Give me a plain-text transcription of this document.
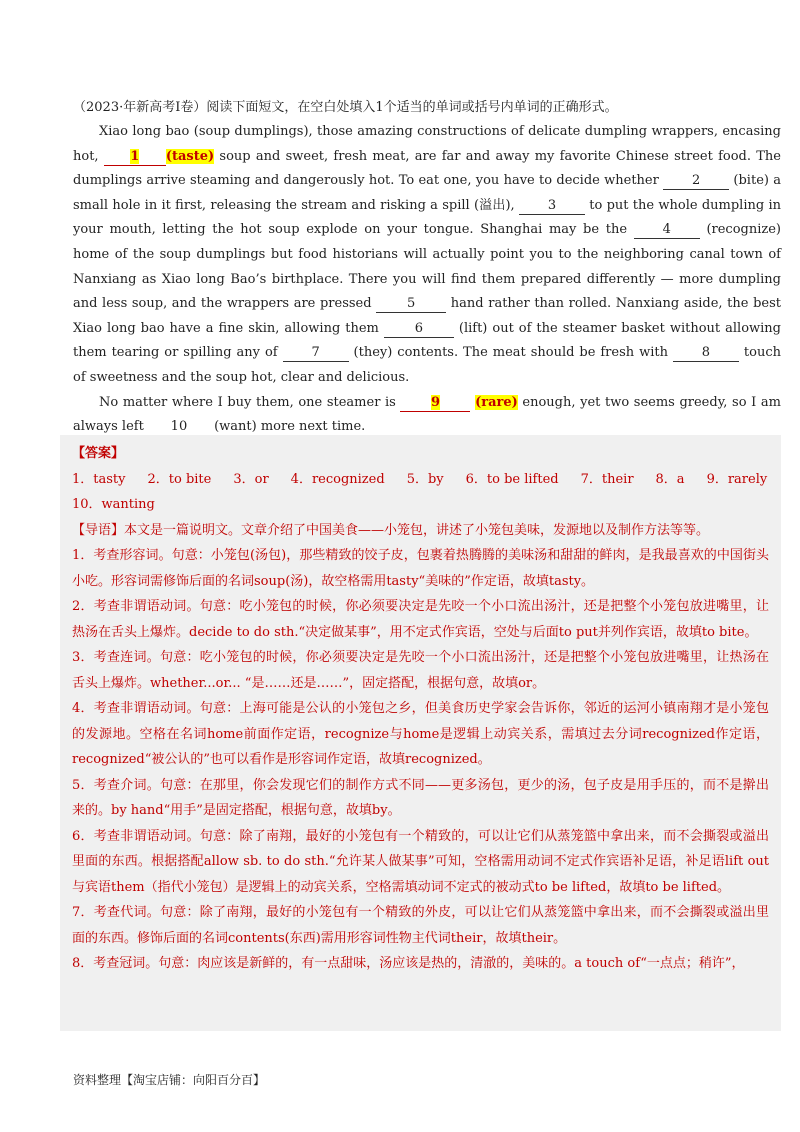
（2023·年新高考I卷）阅读下面短文，在空白处填入1个适当的单词或括号内单词的正确形式。

Xiao long bao (soup dumplings), those amazing constructions of delicate dumpling wrappers, encasing hot, 1 (taste) soup and sweet, fresh meat, are far and away my favorite Chinese street food. The dumplings arrive steaming and dangerously hot. To eat one, you have to decide whether 2 (bite) a small hole in it first, releasing the stream and risking a spill (溢出), 3 to put the whole dumpling in your mouth, letting the hot soup explode on your tongue. Shanghai may be the 4 (recognize) home of the soup dumplings but food historians will actually point you to the neighboring canal town of Nanxiang as Xiao long Bao’s birthplace. There you will find them prepared differently — more dumpling and less soup, and the wrappers are pressed 5 hand rather than rolled. Nanxiang aside, the best Xiao long bao have a fine skin, allowing them 6 (lift) out of the steamer basket without allowing them tearing or spilling any of 7 (they) contents. The meat should be fresh with 8 touch of sweetness and the soup hot, clear and delicious.

No matter where I buy them, one steamer is 9	(rare) enough, yet two seems greedy, so I am always left 10 (want) more next time.

【答案】

1．tasty 2．to bite 3．or 4．recognized 5．by 6．to be lifted 7．their 8．a 9．rarely

10．wanting

【导语】本文是一篇说明文。文章介绍了中国美食——小笼包，讲述了小笼包美味，发源地以及制作方法等等。

1．考查形容词。句意：小笼包(汤包)，那些精致的饺子皮，包裹着热腾腾的美味汤和甜甜的鲜肉，是我最喜欢的中国街头小吃。形容词需修饰后面的名词soup(汤)，故空格需用tasty“美味的”作定语，故填tasty。

2．考查非谓语动词。句意：吃小笼包的时候，你必须要决定是先咬一个小口流出汤汁，还是把整个小笼包放进嘴里，让热汤在舌头上爆炸。decide to do sth.“决定做某事”，用不定式作宾语，空处与后面to put并列作宾语，故填to bite。

3．考查连词。句意：吃小笼包的时候，你必须要决定是先咬一个小口流出汤汁，还是把整个小笼包放进嘴里，让热汤在舌头上爆炸。whether...or... “是……还是……”，固定搭配，根据句意，故填or。

4．考查非谓语动词。句意：上海可能是公认的小笼包之乡，但美食历史学家会告诉你，邻近的运河小镇南翔才是小笼包的发源地。空格在名词home前面作定语，recognize与home是逻辑上动宾关系，需填过去分词recognized作定语，recognized“被公认的”也可以看作是形容词作定语，故填recognized。

5．考查介词。句意：在那里，你会发现它们的制作方式不同——更多汤包，更少的汤，包子皮是用手压的，而不是擀出来的。by hand“用手”是固定搭配，根据句意，故填by。

6．考查非谓语动词。句意：除了南翔，最好的小笼包有一个精致的，可以让它们从蒸笼篮中拿出来，而不会撕裂或溢出里面的东西。根据搭配allow sb. to do sth.“允许某人做某事”可知，空格需用动词不定式作宾语补足语，补足语lift out与宾语them（指代小笼包）是逻辑上的动宾关系，空格需填动词不定式的被动式to be lifted，故填to be lifted。

7．考查代词。句意：除了南翔，最好的小笼包有一个精致的外皮，可以让它们从蒸笼篮中拿出来，而不会撕裂或溢出里面的东西。修饰后面的名词contents(东西)需用形容词性物主代词their，故填their。

8．考查冠词。句意：肉应该是新鲜的，有一点甜味，汤应该是热的，清澈的，美味的。a touch of“一点点；稍许”，

资料整理【淘宝店铺：向阳百分百】
